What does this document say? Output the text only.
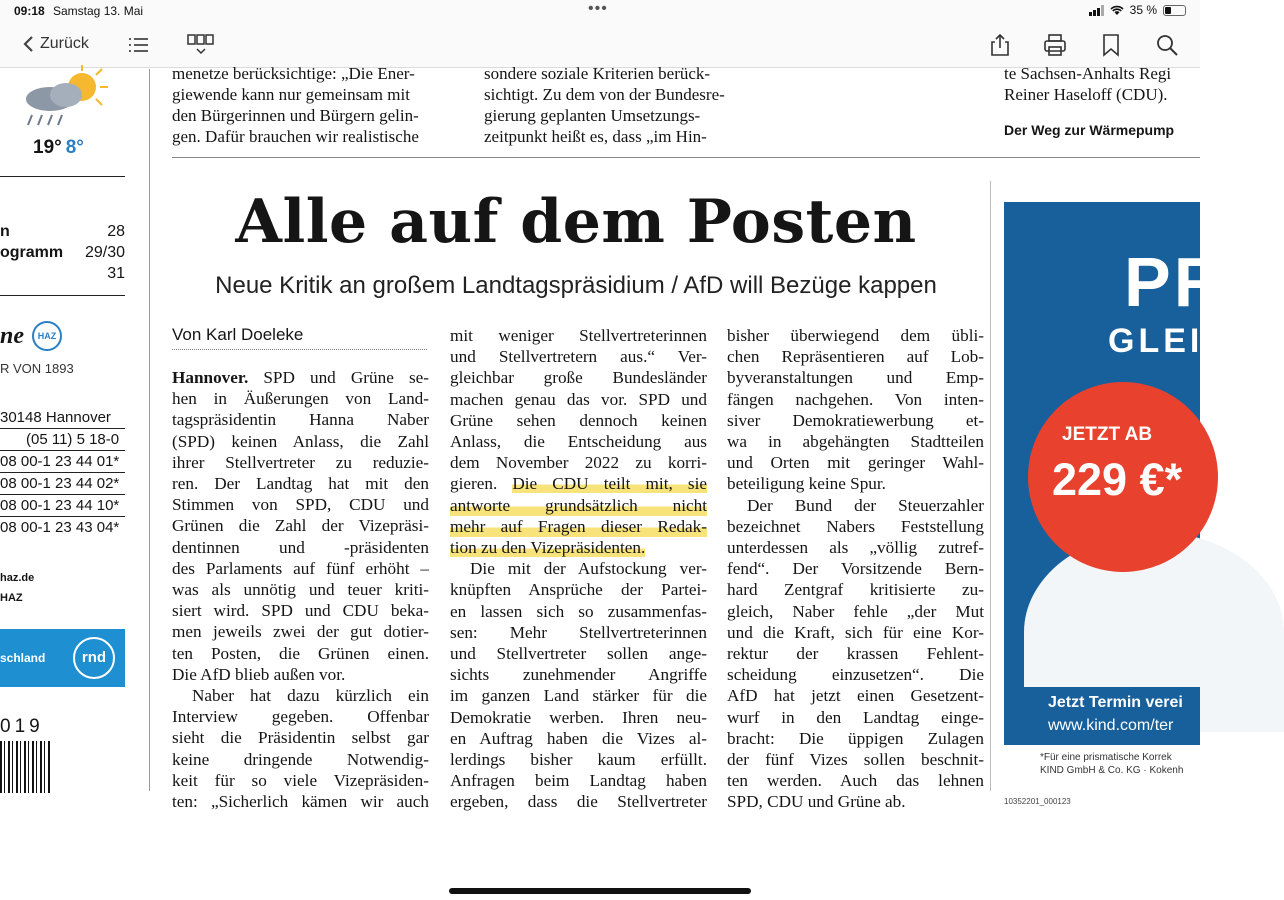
09:18 Samstag 13. Mai	•••	35 %
Zurück
19° 8°
n	28
ogramm 29/30
31
ne	HAZ
R VON 1893
30148 Hannover
(05 11) 5 18-0
08 00-1 23 44 01*
08 00-1 23 44 02*
08 00-1 23 44 10*
08 00-1 23 43 04*
haz.de
HAZ
schland	rnd
019
menetze berücksichtige: „Die Ener-
giewende kann nur gemeinsam mit
den Bürgerinnen und Bürgern gelin-
gen. Dafür brauchen wir realistische
sondere soziale Kriterien berück-
sichtigt. Zu dem von der Bundesre-
gierung geplanten Umsetzungs-
zeitpunkt heißt es, dass „im Hin-
te Sachsen-Anhalts Regi
Reiner Haseloff (CDU).
Der Weg zur Wärmepump
Alle auf dem Posten
Neue Kritik an großem Landtagspräsidium / AfD will Bezüge kappen
Von Karl Doeleke
Hannover. SPD und Grüne se-
hen in Äußerungen von Land-
tagspräsidentin Hanna Naber
(SPD) keinen Anlass, die Zahl
ihrer Stellvertreter zu reduzie-
ren. Der Landtag hat mit den
Stimmen von SPD, CDU und
Grünen die Zahl der Vizepräsi-
dentinnen und -präsidenten
des Parlaments auf fünf erhöht –
was als unnötig und teuer kriti-
siert wird. SPD und CDU beka-
men jeweils zwei der gut dotier-
ten Posten, die Grünen einen.
Die AfD blieb außen vor.
Naber hat dazu kürzlich ein
Interview gegeben. Offenbar
sieht die Präsidentin selbst gar
keine dringende Notwendig-
keit für so viele Vizepräsiden-
ten: „Sicherlich kämen wir auch
mit weniger Stellvertreterinnen
und Stellvertretern aus.“ Ver-
gleichbar große Bundesländer
machen genau das vor. SPD und
Grüne sehen dennoch keinen
Anlass, die Entscheidung aus
dem November 2022 zu korri-
gieren. Die CDU teilt mit, sie
antworte grundsätzlich nicht
mehr auf Fragen dieser Redak-
tion zu den Vizepräsidenten.
Die mit der Aufstockung ver-
knüpften Ansprüche der Partei-
en lassen sich so zusammenfas-
sen: Mehr Stellvertreterinnen
und Stellvertreter sollen ange-
sichts zunehmender Angriffe
im ganzen Land stärker für die
Demokratie werben. Ihren neu-
en Auftrag haben die Vizes al-
lerdings bisher kaum erfüllt.
Anfragen beim Landtag haben
ergeben, dass die Stellvertreter
bisher überwiegend dem übli-
chen Repräsentieren auf Lob-
byveranstaltungen und Emp-
fängen nachgehen. Von inten-
siver Demokratiewerbung et-
wa in abgehängten Stadtteilen
und Orten mit geringer Wahl-
beteiligung keine Spur.
Der Bund der Steuerzahler
bezeichnet Nabers Feststellung
unterdessen als „völlig zutref-
fend“. Der Vorsitzende Bern-
hard Zentgraf kritisierte zu-
gleich, Naber fehle „der Mut
und die Kraft, sich für eine Kor-
rektur der krassen Fehlent-
scheidung einzusetzen“. Die
AfD hat jetzt einen Gesetzent-
wurf in den Landtag einge-
bracht: Die üppigen Zulagen
der fünf Vizes sollen beschnit-
ten werden. Auch das lehnen
SPD, CDU und Grüne ab.
PR
GLEI
JETZT AB
229 €*
Jetzt Termin verei
www.kind.com/ter
*Für eine prismatische Korrek
KIND GmbH & Co. KG · Kokenh
10352201_000123
